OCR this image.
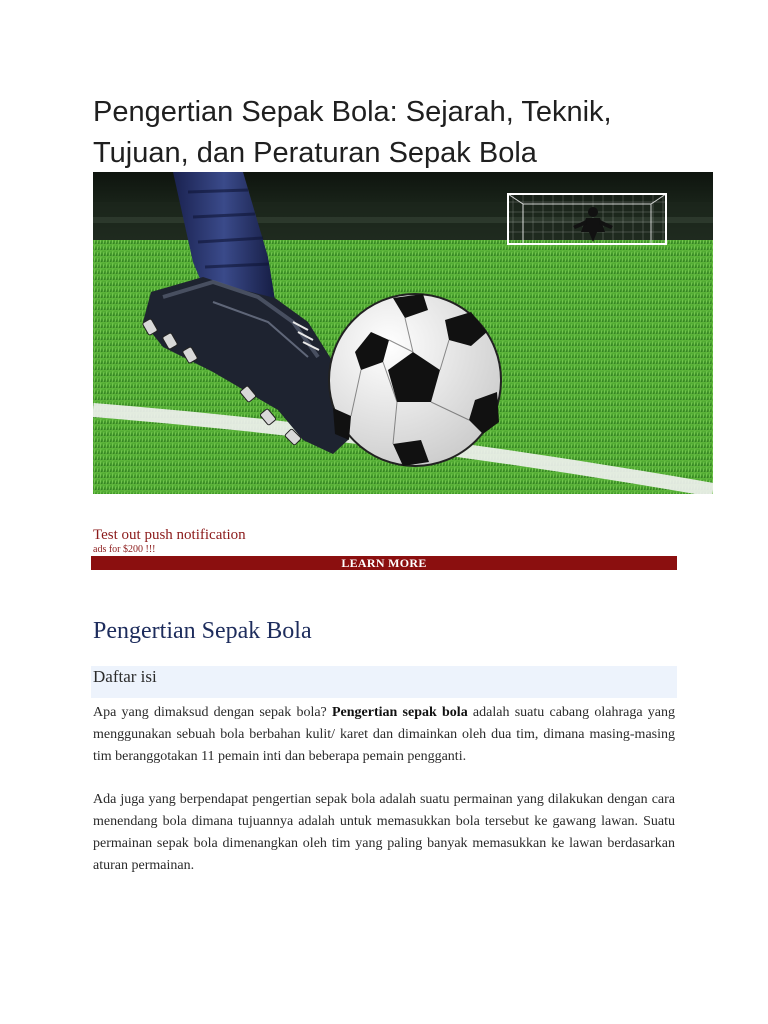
Pengertian Sepak Bola: Sejarah, Teknik, Tujuan, dan Peraturan Sepak Bola
Test out push notification
ads for $200 !!!
LEARN MORE
Pengertian Sepak Bola
Daftar isi

Apa yang dimaksud dengan sepak bola? Pengertian sepak bola adalah suatu cabang olahraga yang menggunakan sebuah bola berbahan kulit/ karet dan dimainkan oleh dua tim, dimana masing-masing tim beranggotakan 11 pemain inti dan beberapa pemain pengganti.

Ada juga yang berpendapat pengertian sepak bola adalah suatu permainan yang dilakukan dengan cara menendang bola dimana tujuannya adalah untuk memasukkan bola tersebut ke gawang lawan. Suatu permainan sepak bola dimenangkan oleh tim yang paling banyak memasukkan ke lawan berdasarkan aturan permainan.
